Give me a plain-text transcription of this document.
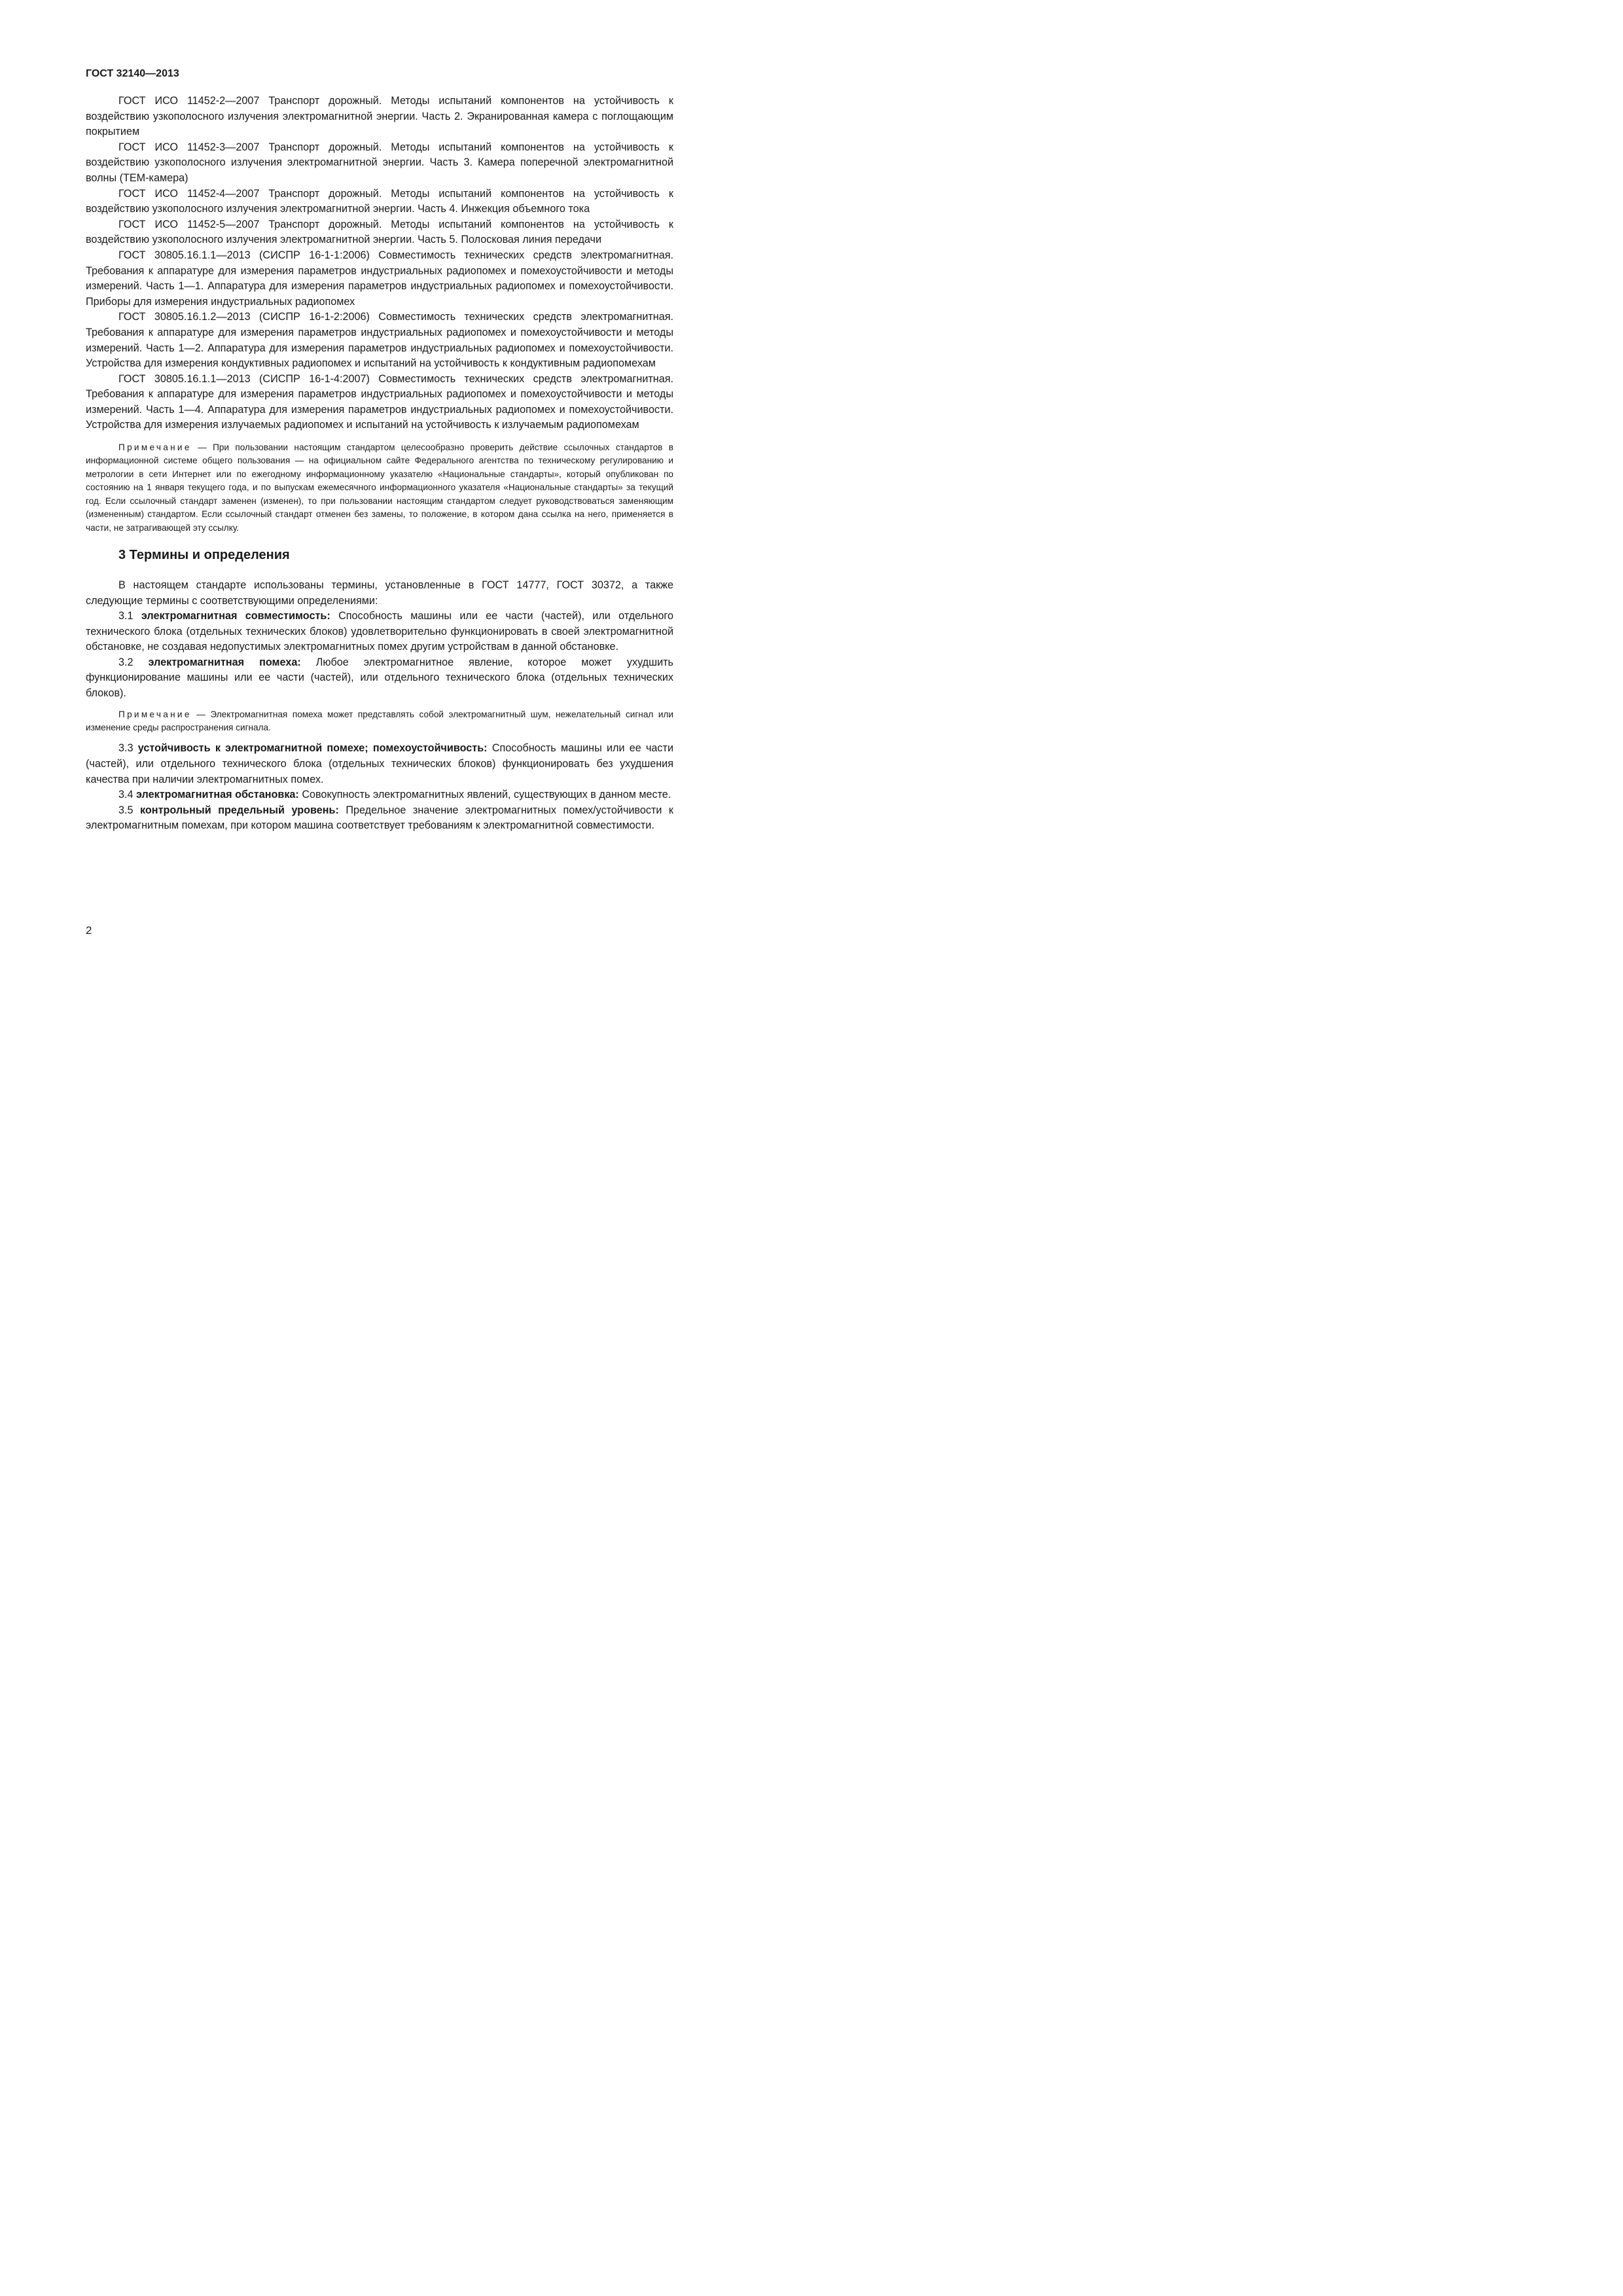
ГОСТ 32140—2013

ГОСТ ИСО 11452-2—2007 Транспорт дорожный. Методы испытаний компонентов на устойчивость к воздействию узкополосного излучения электромагнитной энергии. Часть 2. Экранированная камера с поглощающим покрытием

ГОСТ ИСО 11452-3—2007 Транспорт дорожный. Методы испытаний компонентов на устойчивость к воздействию узкополосного излучения электромагнитной энергии. Часть 3. Камера поперечной электромагнитной волны (ТЕМ-камера)

ГОСТ ИСО 11452-4—2007 Транспорт дорожный. Методы испытаний компонентов на устойчивость к воздействию узкополосного излучения электромагнитной энергии. Часть 4. Инжекция объемного тока

ГОСТ ИСО 11452-5—2007 Транспорт дорожный. Методы испытаний компонентов на устойчивость к воздействию узкополосного излучения электромагнитной энергии. Часть 5. Полосковая линия передачи

ГОСТ 30805.16.1.1—2013 (СИСПР 16-1-1:2006) Совместимость технических средств электромагнитная. Требования к аппаратуре для измерения параметров индустриальных радиопомех и помехоустойчивости и методы измерений. Часть 1—1. Аппаратура для измерения параметров индустриальных радиопомех и помехоустойчивости. Приборы для измерения индустриальных радиопомех

ГОСТ 30805.16.1.2—2013 (СИСПР 16-1-2:2006) Совместимость технических средств электромагнитная. Требования к аппаратуре для измерения параметров индустриальных радиопомех и помехоустойчивости и методы измерений. Часть 1—2. Аппаратура для измерения параметров индустриальных радиопомех и помехоустойчивости. Устройства для измерения кондуктивных радиопомех и испытаний на устойчивость к кондуктивным радиопомехам

ГОСТ 30805.16.1.1—2013 (СИСПР 16-1-4:2007) Совместимость технических средств электромагнитная. Требования к аппаратуре для измерения параметров индустриальных радиопомех и помехоустойчивости и методы измерений. Часть 1—4. Аппаратура для измерения параметров индустриальных радиопомех и помехоустойчивости. Устройства для измерения излучаемых радиопомех и испытаний на устойчивость к излучаемым радиопомехам

Примечание — При пользовании настоящим стандартом целесообразно проверить действие ссылочных стандартов в информационной системе общего пользования — на официальном сайте Федерального агентства по техническому регулированию и метрологии в сети Интернет или по ежегодному информационному указателю «Национальные стандарты», который опубликован по состоянию на 1 января текущего года, и по выпускам ежемесячного информационного указателя «Национальные стандарты» за текущий год. Если ссылочный стандарт заменен (изменен), то при пользовании настоящим стандартом следует руководствоваться заменяющим (измененным) стандартом. Если ссылочный стандарт отменен без замены, то положение, в котором дана ссылка на него, применяется в части, не затрагивающей эту ссылку.

3 Термины и определения

В настоящем стандарте использованы термины, установленные в ГОСТ 14777, ГОСТ 30372, а также следующие термины с соответствующими определениями:

3.1 электромагнитная совместимость: Способность машины или ее части (частей), или отдельного технического блока (отдельных технических блоков) удовлетворительно функционировать в своей электромагнитной обстановке, не создавая недопустимых электромагнитных помех другим устройствам в данной обстановке.

3.2 электромагнитная помеха: Любое электромагнитное явление, которое может ухудшить функционирование машины или ее части (частей), или отдельного технического блока (отдельных технических блоков).

Примечание — Электромагнитная помеха может представлять собой электромагнитный шум, нежелательный сигнал или изменение среды распространения сигнала.

3.3 устойчивость к электромагнитной помехе; помехоустойчивость: Способность машины или ее части (частей), или отдельного технического блока (отдельных технических блоков) функционировать без ухудшения качества при наличии электромагнитных помех.

3.4 электромагнитная обстановка: Совокупность электромагнитных явлений, существующих в данном месте.

3.5 контрольный предельный уровень: Предельное значение электромагнитных помех/устойчивости к электромагнитным помехам, при котором машина соответствует требованиям к электромагнитной совместимости.

2
